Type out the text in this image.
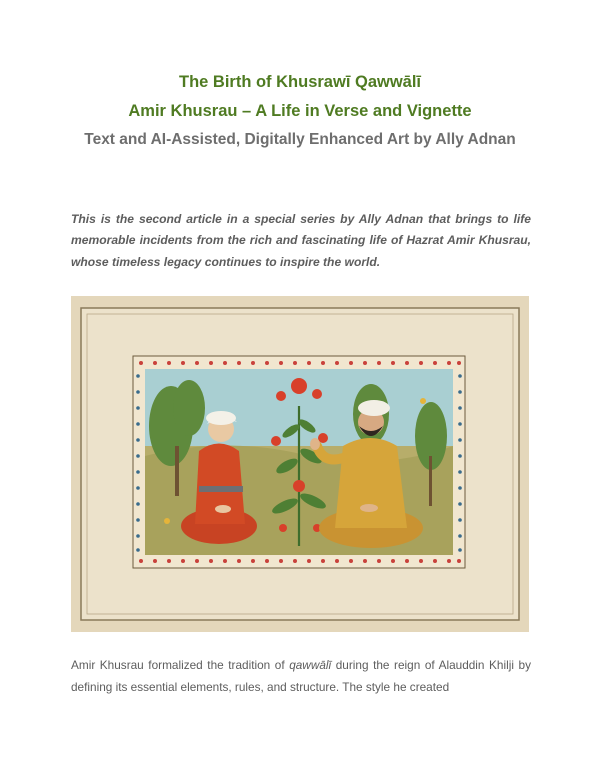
The Birth of Khusrawī Qawwālī
Amir Khusrau – A Life in Verse and Vignette
Text and AI-Assisted, Digitally Enhanced Art by Ally Adnan

This is the second article in a special series by Ally Adnan that brings to life memorable incidents from the rich and fascinating life of Hazrat Amir Khusrau, whose timeless legacy continues to inspire the world.

Amir Khusrau formalized the tradition of qawwālī during the reign of Alauddin Khilji by defining its essential elements, rules, and structure. The style he created
